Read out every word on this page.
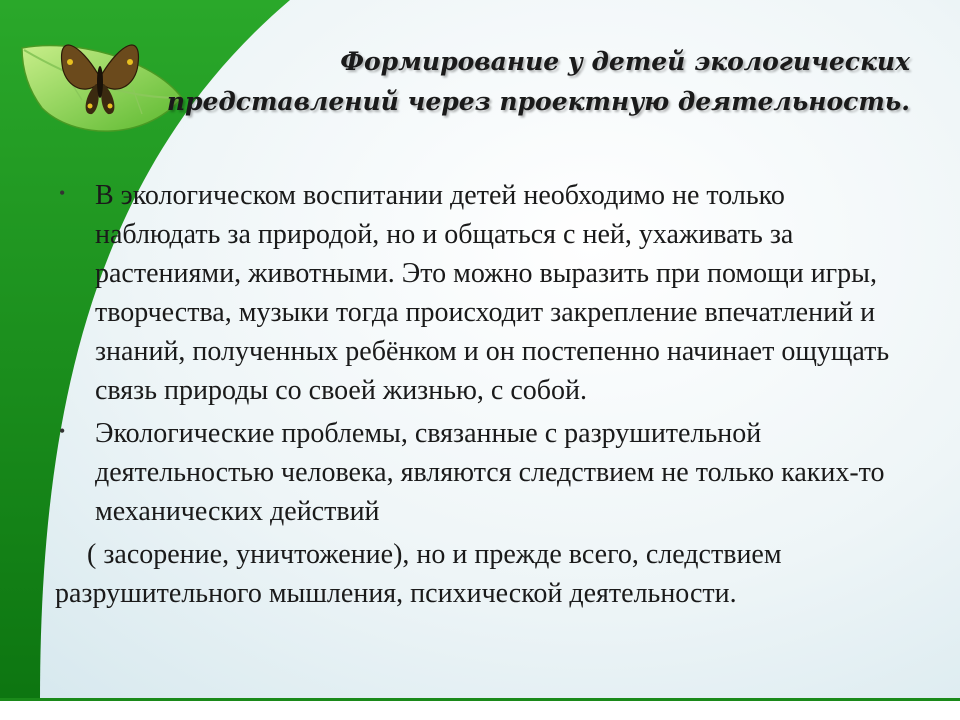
Формирование у детей экологических
представлений через проектную деятельность.
• В экологическом воспитании детей необходимо не только наблюдать за природой, но и общаться с ней, ухаживать за растениями, животными. Это можно выразить при помощи игры, творчества, музыки тогда происходит закрепление впечатлений и знаний, полученных ребёнком и он постепенно начинает ощущать связь природы со своей жизнью, с собой.
• Экологические проблемы, связанные с разрушительной деятельностью человека, являются следствием не только каких-то механических действий
( засорение, уничтожение), но и прежде всего, следствием разрушительного мышления, психической деятельности.
